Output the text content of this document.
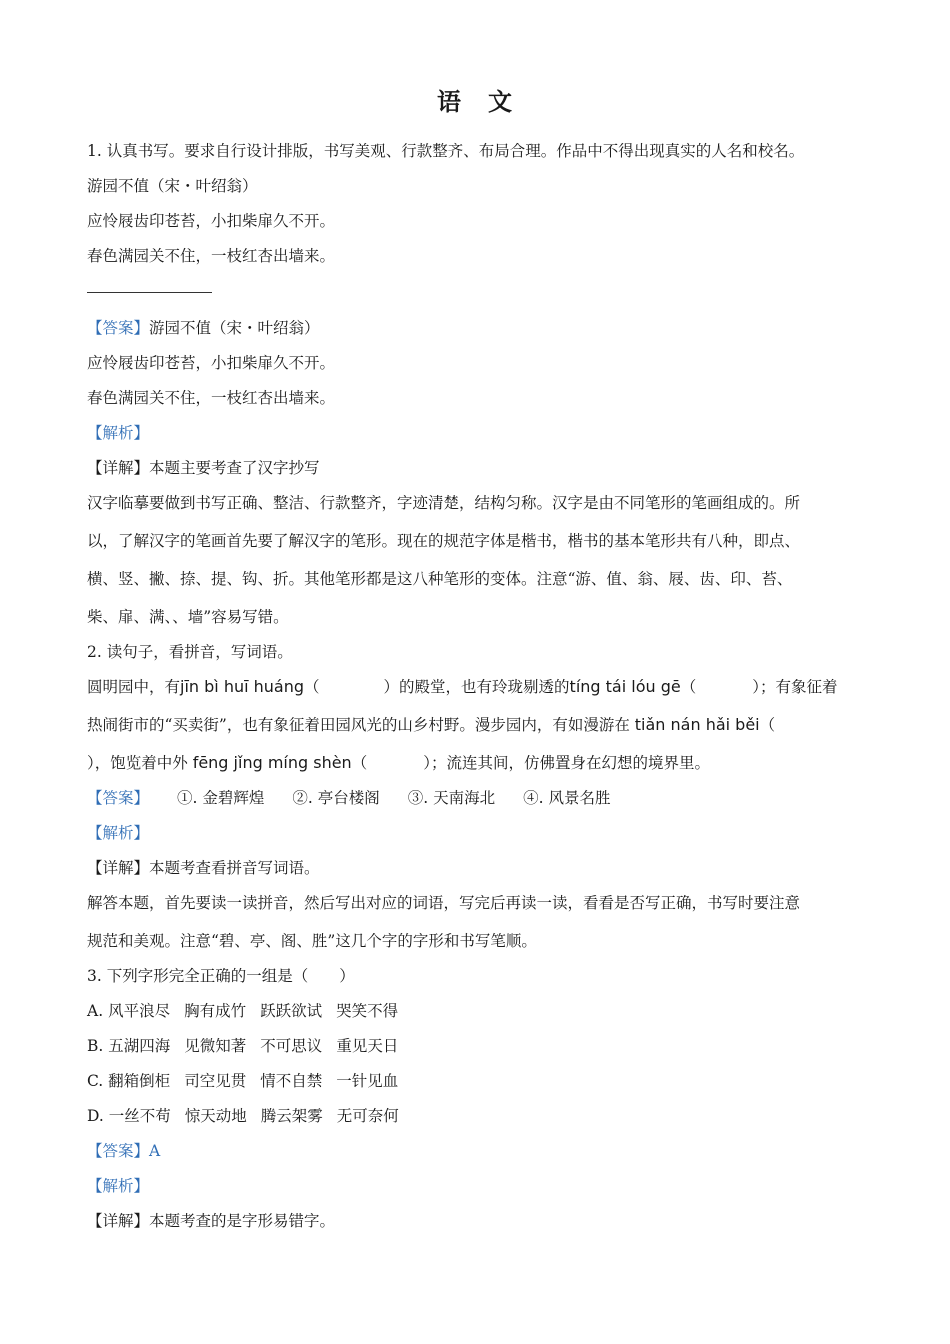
语 文
1. 认真书写。要求自行设计排版，书写美观、行款整齐、布局合理。作品中不得出现真实的人名和校名。
游园不值（宋・叶绍翁）
应怜屐齿印苍苔，小扣柴扉久不开。
春色满园关不住，一枝红杏出墙来。
【答案】游园不值（宋・叶绍翁）
应怜屐齿印苍苔，小扣柴扉久不开。
春色满园关不住，一枝红杏出墙来。
【解析】
【详解】本题主要考查了汉字抄写
汉字临摹要做到书写正确、整洁、行款整齐，字迹清楚，结构匀称。汉字是由不同笔形的笔画组成的。所
以，了解汉字的笔画首先要了解汉字的笔形。现在的规范字体是楷书，楷书的基本笔形共有八种，即点、
横、竖、撇、捺、提、钩、折。其他笔形都是这八种笔形的变体。注意“游、值、翁、屐、齿、印、苔、
柴、扉、满、、墙”容易写错。
2. 读句子，看拼音，写词语。
圆明园中，有jīn bì huī huáng（	）的殿堂，也有玲珑剔透的tíng tái lóu gē（	）；有象征着
热闹街市的“买卖街”，也有象征着田园风光的山乡村野。漫步园内，有如漫游在 tiǎn nán hǎi běi（
），饱览着中外 fēng jǐng míng shèn（	）；流连其间，仿佛置身在幻想的境界里。
【答案】 ①. 金碧辉煌 ②. 亭台楼阁 ③. 天南海北 ④. 风景名胜
【解析】
【详解】本题考查看拼音写词语。
解答本题，首先要读一读拼音，然后写出对应的词语，写完后再读一读，看看是否写正确，书写时要注意
规范和美观。注意“碧、亭、阁、胜”这几个字的字形和书写笔顺。
3. 下列字形完全正确的一组是（　　）
A. 风平浪尽 胸有成竹 跃跃欲试 哭笑不得
B. 五湖四海 见微知著 不可思议 重见天日
C. 翻箱倒柜 司空见贯 情不自禁 一针见血
D. 一丝不苟 惊天动地 腾云架雾 无可奈何
【答案】A
【解析】
【详解】本题考查的是字形易错字。
